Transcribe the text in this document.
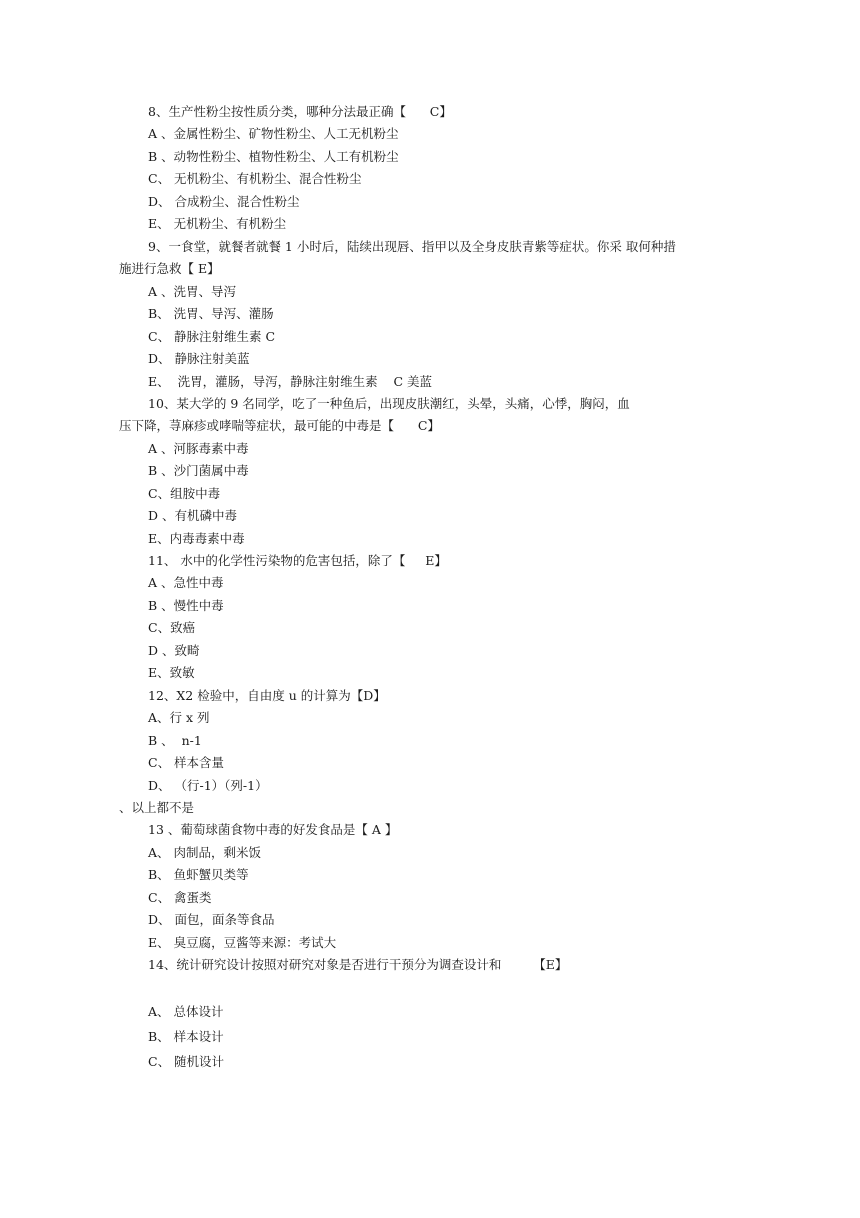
8、生产性粉尘按性质分类，哪种分法最正确【      C】
A 、金属性粉尘、矿物性粉尘、人工无机粉尘
B 、动物性粉尘、植物性粉尘、人工有机粉尘
C、 无机粉尘、有机粉尘、混合性粉尘
D、 合成粉尘、混合性粉尘
E、 无机粉尘、有机粉尘
9、一食堂，就餐者就餐 1 小时后，陆续出现唇、指甲以及全身皮肤青紫等症状。你采 取何种措
施进行急救【 E】
A 、洗胃、导泻
B、 洗胃、导泻、灌肠
C、 静脉注射维生素 C
D、 静脉注射美蓝
E、  洗胃，灌肠，导泻，静脉注射维生素    C 美蓝
10、某大学的 9 名同学，吃了一种鱼后，出现皮肤潮红，头晕，头痛，心悸，胸闷，血
压下降，荨麻疹或哮喘等症状，最可能的中毒是【      C】
A 、河豚毒素中毒
B 、沙门菌属中毒
C、组胺中毒
D 、有机磷中毒
E、内毒毒素中毒
11、 水中的化学性污染物的危害包括，除了【     E】
A 、急性中毒
B 、慢性中毒
C、致癌
D 、致畸
E、致敏
12、X2 检验中，自由度 u 的计算为【D】
A、行 x 列
B 、  n-1
C、 样本含量
D、 （行-1）（列-1）
、以上都不是
13 、葡萄球菌食物中毒的好发食品是【 A 】
A、 肉制品，剩米饭
B、 鱼虾蟹贝类等
C、 禽蛋类
D、 面包，面条等食品
E、 臭豆腐，豆酱等来源：考试大
14、统计研究设计按照对研究对象是否进行干预分为调查设计和        【E】
A、 总体设计
B、 样本设计
C、 随机设计
